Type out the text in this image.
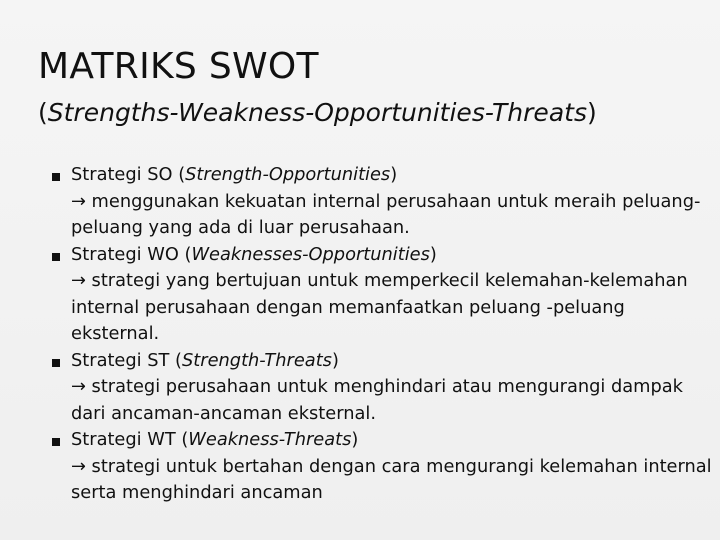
MATRIKS SWOT
(Strengths-Weakness-Opportunities-Threats)
Strategi SO (Strength-Opportunities)
→ menggunakan kekuatan internal perusahaan untuk meraih peluang-peluang yang ada di luar perusahaan.
Strategi WO (Weaknesses-Opportunities)
→ strategi yang bertujuan untuk memperkecil kelemahan-kelemahan internal perusahaan dengan memanfaatkan peluang -peluang eksternal.
Strategi ST (Strength-Threats)
→ strategi perusahaan untuk menghindari atau mengurangi dampak dari ancaman-ancaman eksternal.
Strategi WT (Weakness-Threats)
→ strategi untuk bertahan dengan cara mengurangi kelemahan internal serta menghindari ancaman
